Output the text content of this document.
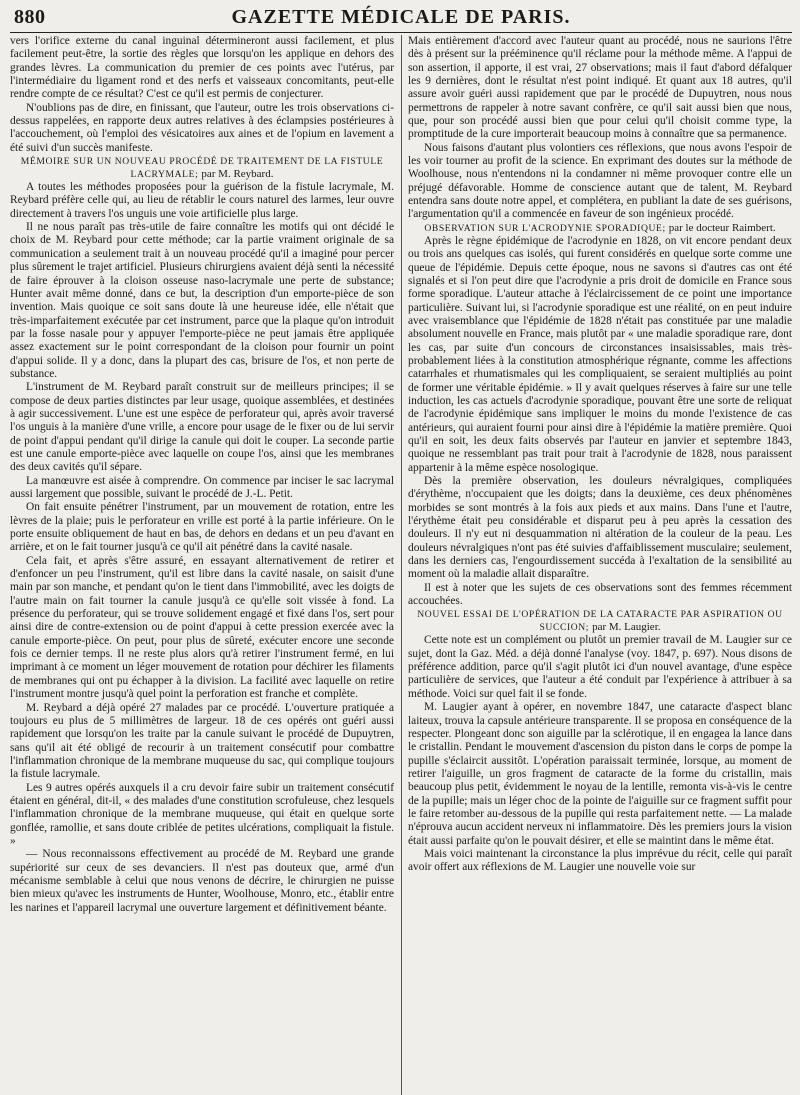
880	GAZETTE MÉDICALE DE PARIS.

vers l'orifice externe du canal inguinal détermineront aussi facilement, et plus facilement peut-être, la sortie des règles que lorsqu'on les applique en dehors des grandes lèvres. La communication du premier de ces points avec l'utérus, par l'intermédiaire du ligament rond et des nerfs et vaisseaux concomitants, peut-elle rendre compte de ce résultat? C'est ce qu'il est permis de conjecturer.

N'oublions pas de dire, en finissant, que l'auteur, outre les trois observations ci-dessus rappelées, en rapporte deux autres relatives à des éclampsies postérieures à l'accouchement, où l'emploi des vésicatoires aux aines et de l'opium en lavement a été suivi d'un succès manifeste.

MÉMOIRE SUR UN NOUVEAU PROCÉDÉ DE TRAITEMENT DE LA FISTULE LACRYMALE; par M. Reybard.

A toutes les méthodes proposées pour la guérison de la fistule lacrymale, M. Reybard préfère celle qui, au lieu de rétablir le cours naturel des larmes, leur ouvre directement à travers l'os unguis une voie artificielle plus large.

Il ne nous paraît pas très-utile de faire connaître les motifs qui ont décidé le choix de M. Reybard pour cette méthode; car la partie vraiment originale de sa communication a seulement trait à un nouveau procédé qu'il a imaginé pour percer plus sûrement le trajet artificiel. Plusieurs chirurgiens avaient déjà senti la nécessité de faire éprouver à la cloison osseuse naso-lacrymale une perte de substance; Hunter avait même donné, dans ce but, la description d'un emporte-pièce de son invention. Mais quoique ce soit sans doute là une heureuse idée, elle n'était que très-imparfaitement exécutée par cet instrument, parce que la plaque qu'on introduit par la fosse nasale pour y appuyer l'emporte-pièce ne peut jamais être appliquée assez exactement sur le point correspondant de la cloison pour fournir un point d'appui solide. Il y a donc, dans la plupart des cas, brisure de l'os, et non perte de substance.

L'instrument de M. Reybard paraît construit sur de meilleurs principes; il se compose de deux parties distinctes par leur usage, quoique assemblées, et destinées à agir successivement. L'une est une espèce de perforateur qui, après avoir traversé l'os unguis à la manière d'une vrille, a encore pour usage de le fixer ou de lui servir de point d'appui pendant qu'il dirige la canule qui doit le couper. La seconde partie est une canule emporte-pièce avec laquelle on coupe l'os, ainsi que les membranes des deux cavités qu'il sépare.

La manœuvre est aisée à comprendre. On commence par inciser le sac lacrymal aussi largement que possible, suivant le procédé de J.-L. Petit.

On fait ensuite pénétrer l'instrument, par un mouvement de rotation, entre les lèvres de la plaie; puis le perforateur en vrille est porté à la partie inférieure. On le porte ensuite obliquement de haut en bas, de dehors en dedans et un peu d'avant en arrière, et on le fait tourner jusqu'à ce qu'il ait pénétré dans la cavité nasale.

Cela fait, et après s'être assuré, en essayant alternativement de retirer et d'enfoncer un peu l'instrument, qu'il est libre dans la cavité nasale, on saisit d'une main par son manche, et pendant qu'on le tient dans l'immobilité, avec les doigts de l'autre main on fait tourner la canule jusqu'à ce qu'elle soit vissée à fond. La présence du perforateur, qui se trouve solidement engagé et fixé dans l'os, sert pour ainsi dire de contre-extension ou de point d'appui à cette pression exercée avec la canule emporte-pièce. On peut, pour plus de sûreté, exécuter encore une seconde fois ce dernier temps. Il ne reste plus alors qu'à retirer l'instrument fermé, en lui imprimant à ce moment un léger mouvement de rotation pour déchirer les filaments de membranes qui ont pu échapper à la division. La facilité avec laquelle on retire l'instrument montre jusqu'à quel point la perforation est franche et complète.

M. Reybard a déjà opéré 27 malades par ce procédé. L'ouverture pratiquée a toujours eu plus de 5 millimètres de largeur. 18 de ces opérés ont guéri aussi rapidement que lorsqu'on les traite par la canule suivant le procédé de Dupuytren, sans qu'il ait été obligé de recourir à un traitement consécutif pour combattre l'inflammation chronique de la membrane muqueuse du sac, qui complique toujours la fistule lacrymale.

Les 9 autres opérés auxquels il a cru devoir faire subir un traitement consécutif étaient en général, dit-il, « des malades d'une constitution scrofuleuse, chez lesquels l'inflammation chronique de la membrane muqueuse, qui était en quelque sorte gonflée, ramollie, et sans doute criblée de petites ulcérations, compliquait la fistule. »

— Nous reconnaissons effectivement au procédé de M. Reybard une grande supériorité sur ceux de ses devanciers. Il n'est pas douteux que, armé d'un mécanisme semblable à celui que nous venons de décrire, le chirurgien ne puisse bien mieux qu'avec les instruments de Hunter, Woolhouse, Monro, etc., établir entre les narines et l'appareil lacrymal une ouverture largement et définitivement béante.

Mais entièrement d'accord avec l'auteur quant au procédé, nous ne saurions l'être dès à présent sur la prééminence qu'il réclame pour la méthode même. A l'appui de son assertion, il apporte, il est vrai, 27 observations; mais il faut d'abord défalquer les 9 dernières, dont le résultat n'est point indiqué. Et quant aux 18 autres, qu'il assure avoir guéri aussi rapidement que par le procédé de Dupuytren, nous nous permettrons de rappeler à notre savant confrère, ce qu'il sait aussi bien que nous, que, pour son procédé aussi bien que pour celui qu'il choisit comme type, la promptitude de la cure importerait beaucoup moins à connaître que sa permanence.

Nous faisons d'autant plus volontiers ces réflexions, que nous avons l'espoir de les voir tourner au profit de la science. En exprimant des doutes sur la méthode de Woolhouse, nous n'entendons ni la condamner ni même provoquer contre elle un préjugé défavorable. Homme de conscience autant que de talent, M. Reybard entendra sans doute notre appel, et complétera, en publiant la date de ses guérisons, l'argumentation qu'il a commencée en faveur de son ingénieux procédé.

OBSERVATION SUR L'ACRODYNIE SPORADIQUE; par le docteur Raimbert.

Après le règne épidémique de l'acrodynie en 1828, on vit encore pendant deux ou trois ans quelques cas isolés, qui furent considérés en quelque sorte comme une queue de l'épidémie. Depuis cette époque, nous ne savons si d'autres cas ont été signalés et si l'on peut dire que l'acrodynie a pris droit de domicile en France sous forme sporadique. L'auteur attache à l'éclaircissement de ce point une importance particulière. Suivant lui, si l'acrodynie sporadique est une réalité, on en peut induire avec vraisemblance que l'épidémie de 1828 n'était pas constituée par une maladie absolument nouvelle en France, mais plutôt par « une maladie sporadique rare, dont les cas, par suite d'un concours de circonstances insaisissables, mais très-probablement liées à la constitution atmosphérique régnante, comme les affections catarrhales et rhumatismales qui les compliquaient, se seraient multipliés au point de former une véritable épidémie. » Il y avait quelques réserves à faire sur une telle induction, les cas actuels d'acrodynie sporadique, pouvant être une sorte de reliquat de l'acrodynie épidémique sans impliquer le moins du monde l'existence de cas antérieurs, qui auraient fourni pour ainsi dire à l'épidémie la matière première. Quoi qu'il en soit, les deux faits observés par l'auteur en janvier et septembre 1843, quoique ne ressemblant pas trait pour trait à l'acrodynie de 1828, nous paraissent appartenir à la même espèce nosologique.

Dès la première observation, les douleurs névralgiques, compliquées d'érythème, n'occupaient que les doigts; dans la deuxième, ces deux phénomènes morbides se sont montrés à la fois aux pieds et aux mains. Dans l'une et l'autre, l'érythème était peu considérable et disparut peu à peu après la cessation des douleurs. Il n'y eut ni desquammation ni altération de la couleur de la peau. Les douleurs névralgiques n'ont pas été suivies d'affaiblissement musculaire; seulement, dans les derniers cas, l'engourdissement succéda à l'exaltation de la sensibilité au moment où la maladie allait disparaître.

Il est à noter que les sujets de ces observations sont des femmes récemment accouchées.

NOUVEL ESSAI DE L'OPÉRATION DE LA CATARACTE PAR ASPIRATION OU SUCCION; par M. Laugier.

Cette note est un complément ou plutôt un premier travail de M. Laugier sur ce sujet, dont la Gaz. Méd. a déjà donné l'analyse (voy. 1847, p. 697). Nous disons de préférence addition, parce qu'il s'agit plutôt ici d'un nouvel avantage, d'une espèce particulière de services, que l'auteur a été conduit par l'expérience à attribuer à sa méthode. Voici sur quel fait il se fonde.

M. Laugier ayant à opérer, en novembre 1847, une cataracte d'aspect blanc laiteux, trouva la capsule antérieure transparente. Il se proposa en conséquence de la respecter. Plongeant donc son aiguille par la sclérotique, il en engagea la lance dans le cristallin. Pendant le mouvement d'ascension du piston dans le corps de pompe la pupille s'éclaircit aussitôt. L'opération paraissait terminée, lorsque, au moment de retirer l'aiguille, un gros fragment de cataracte de la forme du cristallin, mais beaucoup plus petit, évidemment le noyau de la lentille, remonta vis-à-vis le centre de la pupille; mais un léger choc de la pointe de l'aiguille sur ce fragment suffit pour le faire retomber au-dessous de la pupille qui resta parfaitement nette. — La malade n'éprouva aucun accident nerveux ni inflammatoire. Dès les premiers jours la vision était aussi parfaite qu'on le pouvait désirer, et elle se maintint dans le même état.

Mais voici maintenant la circonstance la plus imprévue du récit, celle qui paraît avoir offert aux réflexions de M. Laugier une nouvelle voie sur
